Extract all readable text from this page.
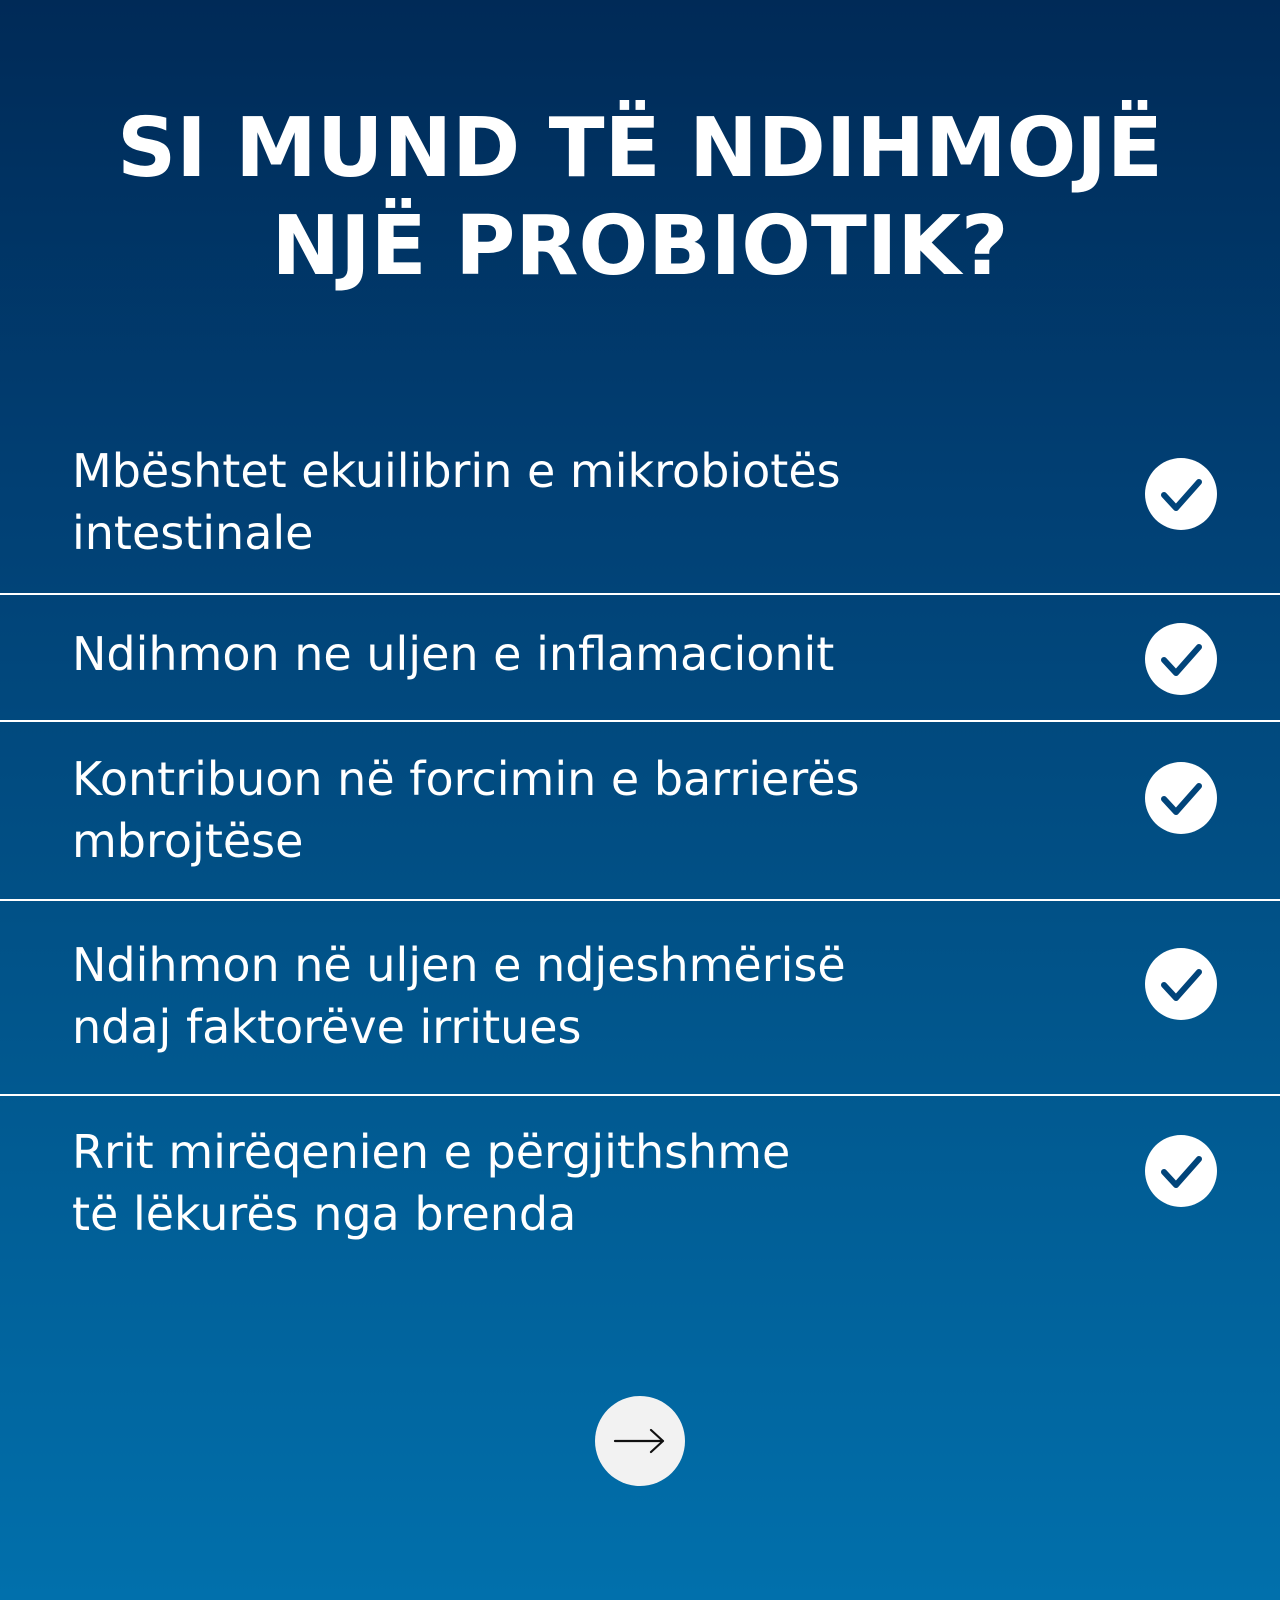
SI MUND TË NDIHMOJË
NJË PROBIOTIK?
Mbështet ekuilibrin e mikrobiotës
intestinale
Ndihmon ne uljen e inflamacionit
Kontribuon në forcimin e barrierës
mbrojtëse
Ndihmon në uljen e ndjeshmërisë
ndaj faktorëve irritues
Rrit mirëqenien e përgjithshme
të lëkurës nga brenda
